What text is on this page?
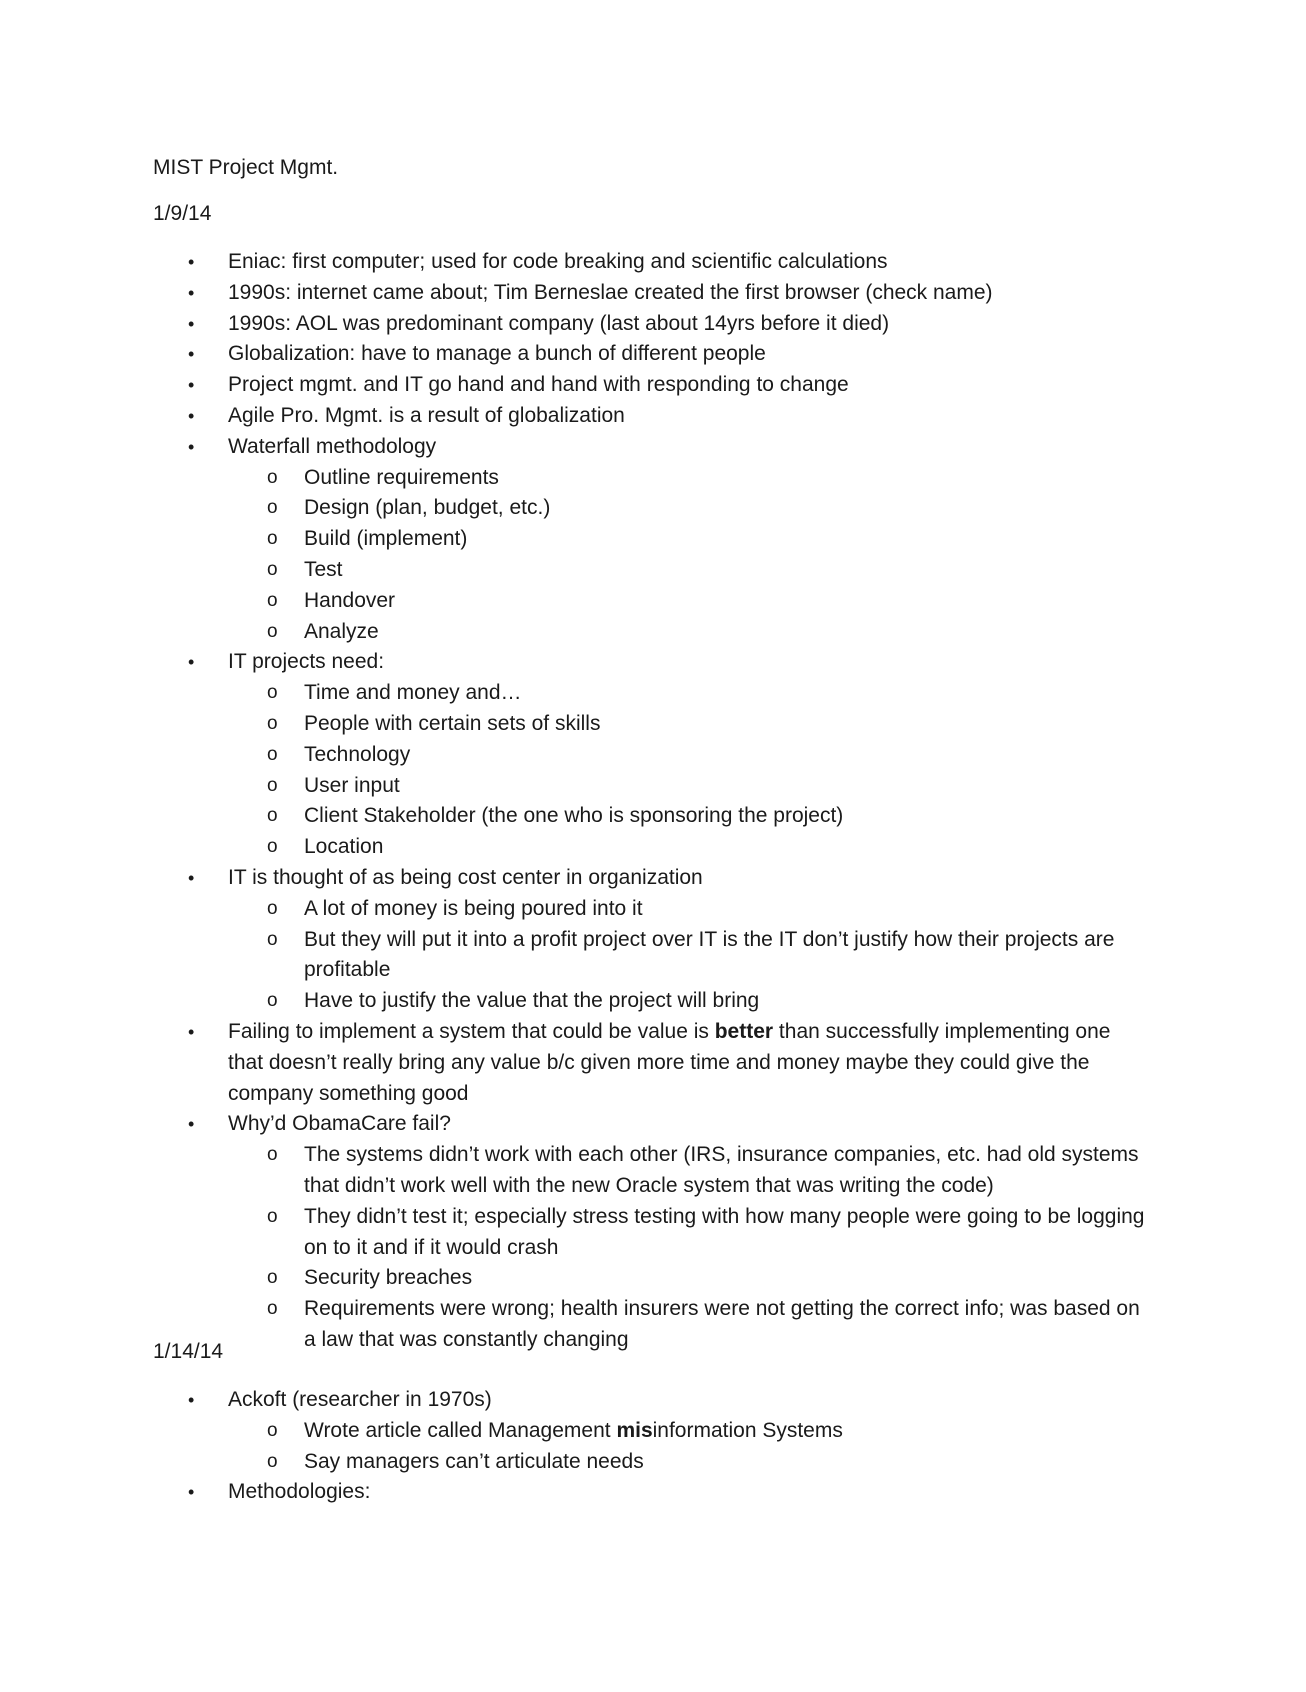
MIST Project Mgmt.
1/9/14
• Eniac: first computer; used for code breaking and scientific calculations
• 1990s: internet came about; Tim Berneslae created the first browser (check name)
• 1990s: AOL was predominant company (last about 14yrs before it died)
• Globalization: have to manage a bunch of different people
• Project mgmt. and IT go hand and hand with responding to change
• Agile Pro. Mgmt. is a result of globalization
• Waterfall methodology
o Outline requirements
o Design (plan, budget, etc.)
o Build (implement)
o Test
o Handover
o Analyze
• IT projects need:
o Time and money and…
o People with certain sets of skills
o Technology
o User input
o Client Stakeholder (the one who is sponsoring the project)
o Location
• IT is thought of as being cost center in organization
o A lot of money is being poured into it
o But they will put it into a profit project over IT is the IT don’t justify how their projects are profitable
o Have to justify the value that the project will bring
• Failing to implement a system that could be value is better than successfully implementing one that doesn’t really bring any value b/c given more time and money maybe they could give the company something good
• Why’d ObamaCare fail?
o The systems didn’t work with each other (IRS, insurance companies, etc. had old systems that didn’t work well with the new Oracle system that was writing the code)
o They didn’t test it; especially stress testing with how many people were going to be logging on to it and if it would crash
o Security breaches
o Requirements were wrong; health insurers were not getting the correct info; was based on a law that was constantly changing
1/14/14
• Ackoft (researcher in 1970s)
o Wrote article called Management misinformation Systems
o Say managers can’t articulate needs
• Methodologies:
